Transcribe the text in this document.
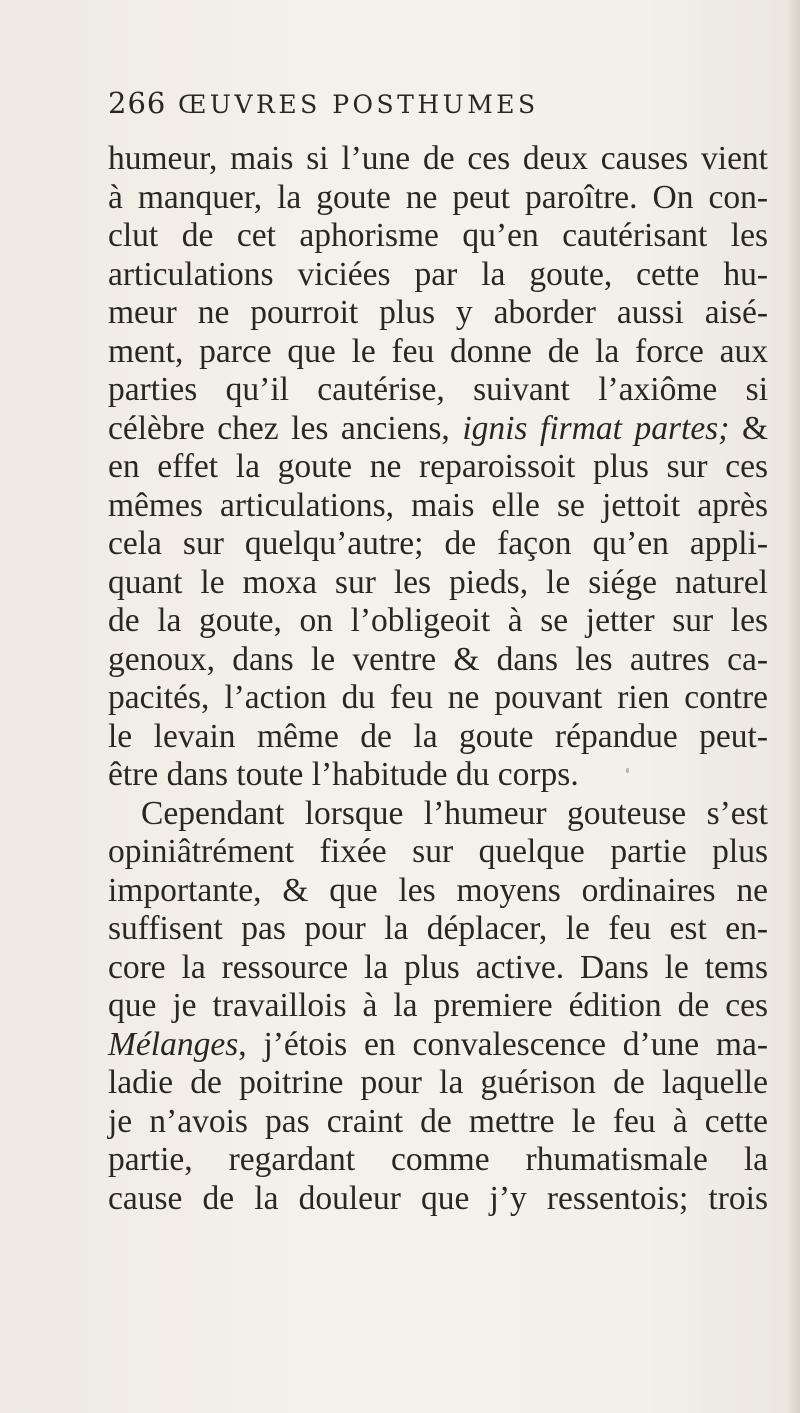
266 ŒUVRES POSTHUMES
humeur, mais si l’une de ces deux causes vient
à manquer, la goute ne peut paroître. On con-
clut de cet aphorisme qu’en cautérisant les
articulations viciées par la goute, cette hu-
meur ne pourroit plus y aborder aussi aisé-
ment, parce que le feu donne de la force aux
parties qu’il cautérise, suivant l’axiôme si
célèbre chez les anciens, ignis firmat partes; &
en effet la goute ne reparoissoit plus sur ces
mêmes articulations, mais elle se jettoit après
cela sur quelqu’autre; de façon qu’en appli-
quant le moxa sur les pieds, le siége naturel
de la goute, on l’obligeoit à se jetter sur les
genoux, dans le ventre & dans les autres ca-
pacités, l’action du feu ne pouvant rien contre
le levain même de la goute répandue peut-
être dans toute l’habitude du corps.
Cependant lorsque l’humeur gouteuse s’est
opiniâtrément fixée sur quelque partie plus
importante, & que les moyens ordinaires ne
suffisent pas pour la déplacer, le feu est en-
core la ressource la plus active. Dans le tems
que je travaillois à la premiere édition de ces
Mélanges, j’étois en convalescence d’une ma-
ladie de poitrine pour la guérison de laquelle
je n’avois pas craint de mettre le feu à cette
partie, regardant comme rhumatismale la
cause de la douleur que j’y ressentois; trois
